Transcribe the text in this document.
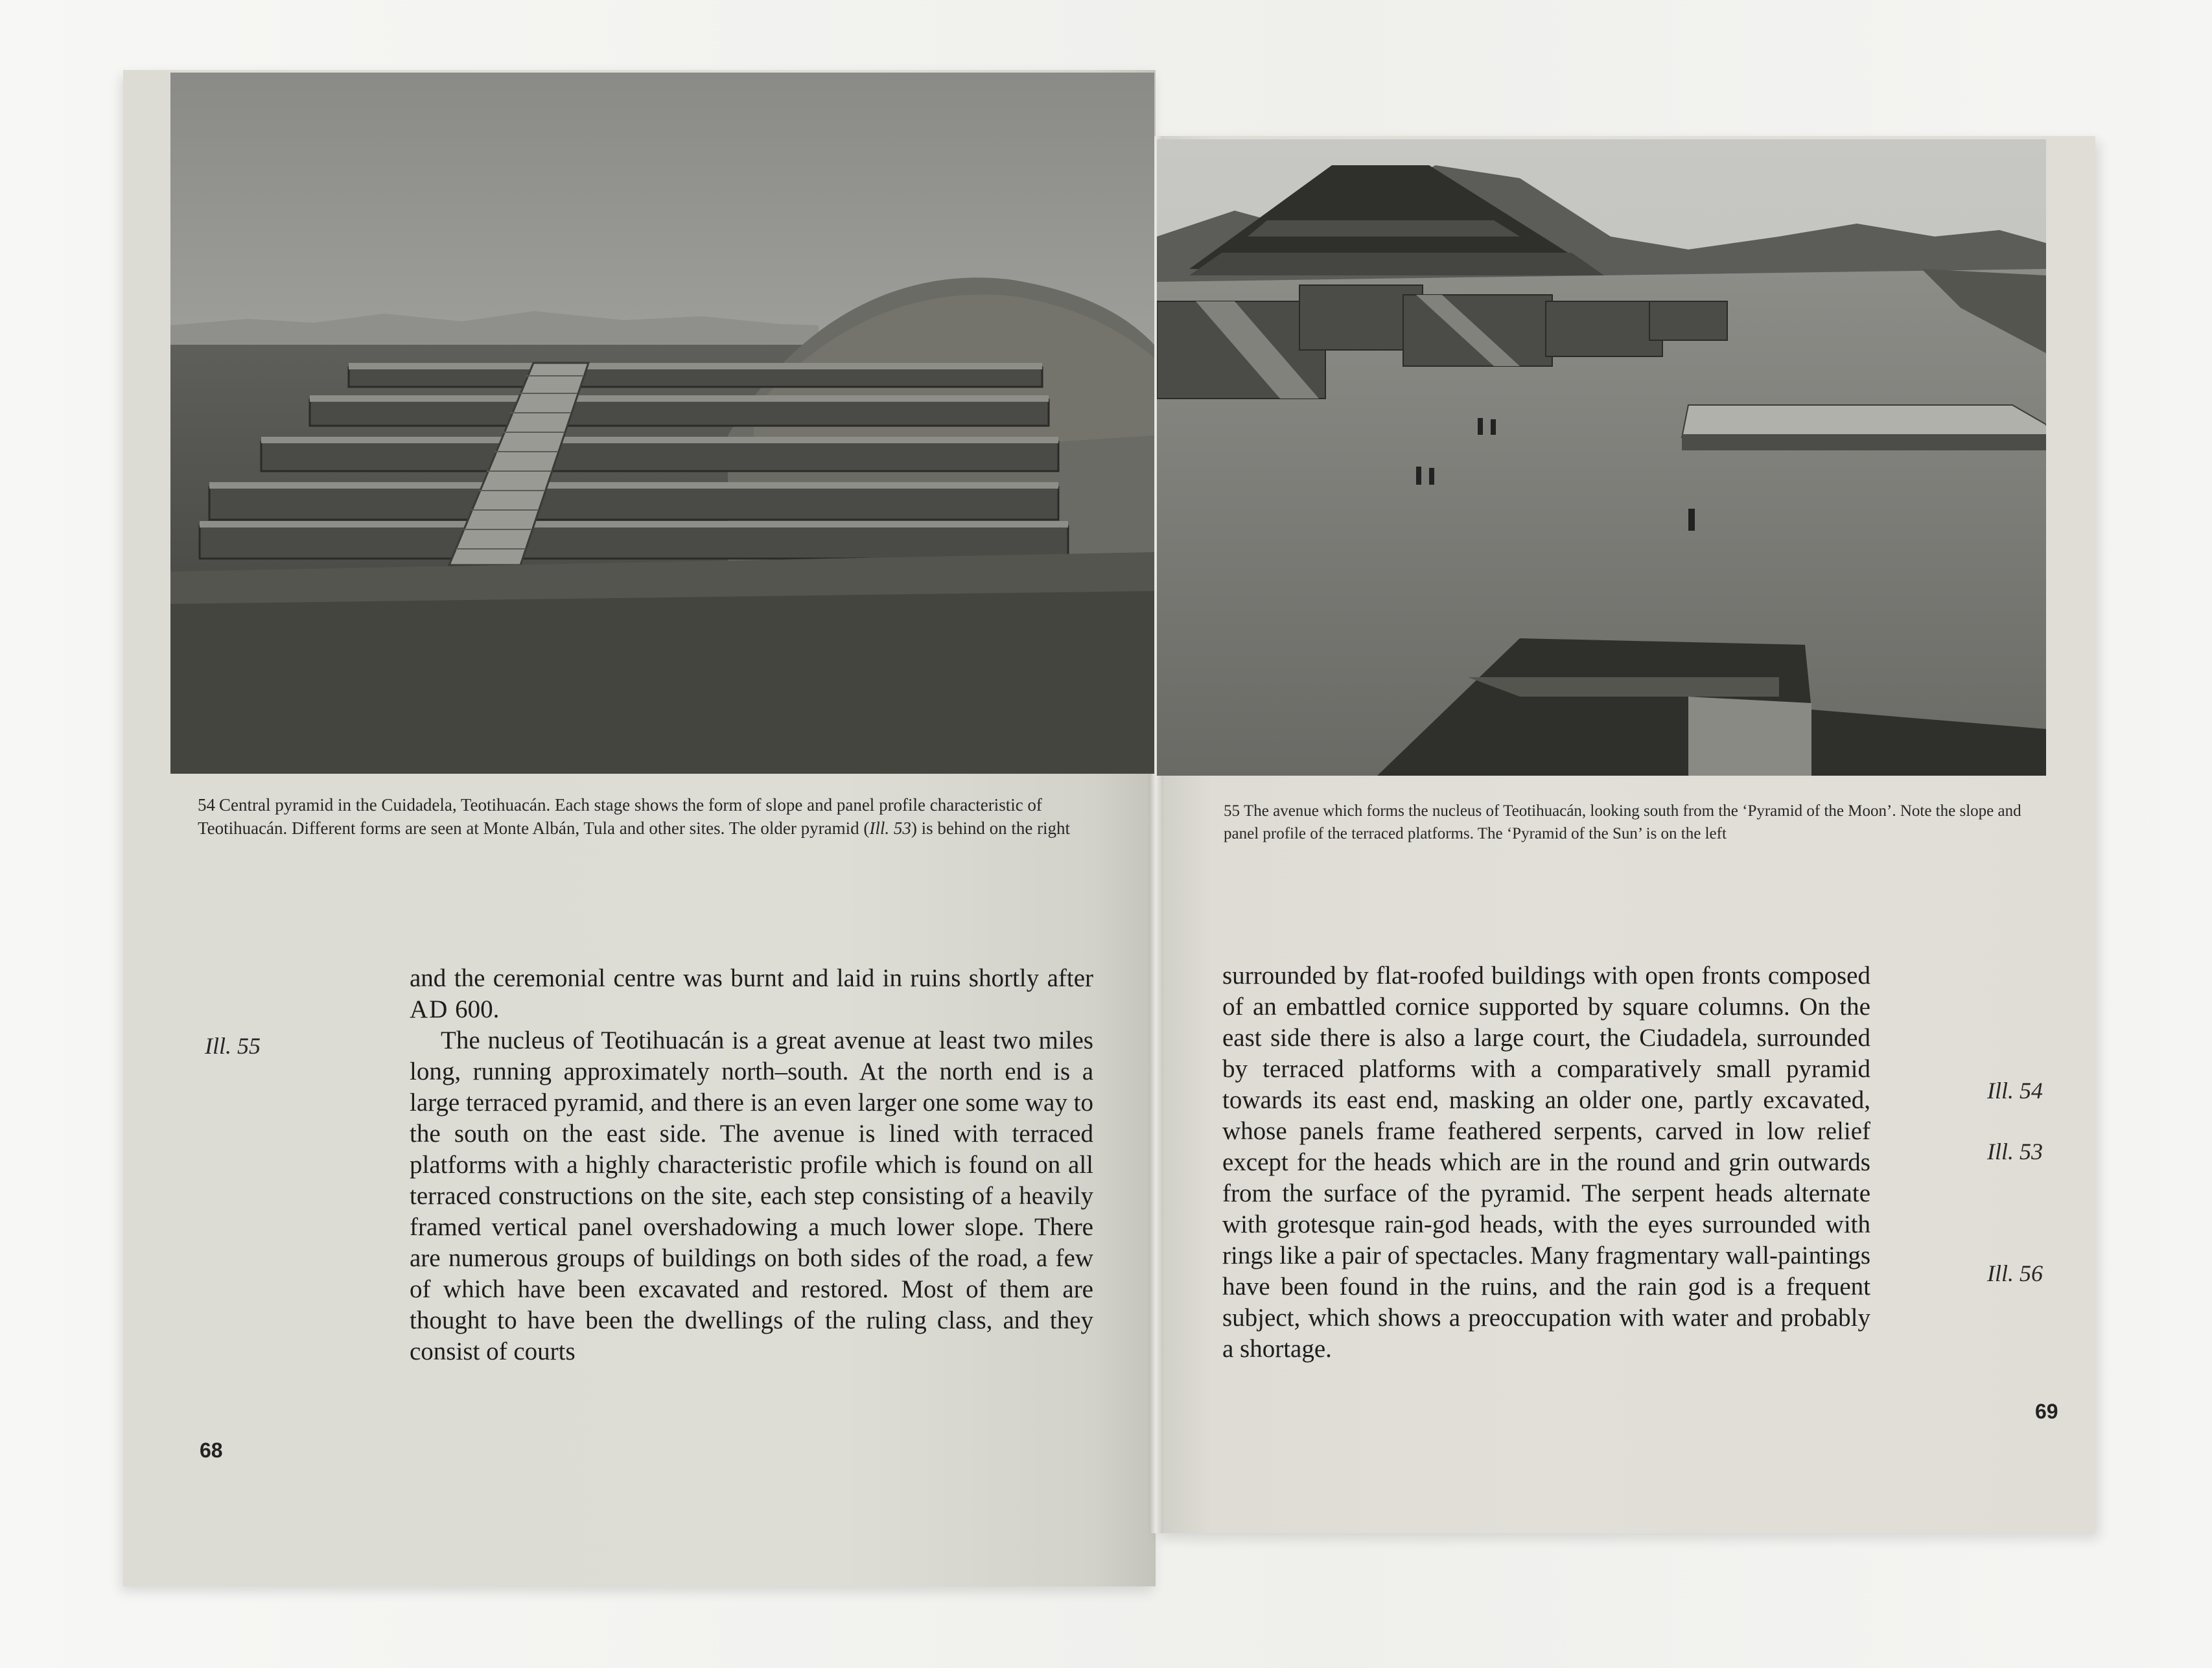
54 Central pyramid in the Cuidadela, Teotihuacán. Each stage shows the form of slope and panel profile characteristic of Teotihuacán. Different forms are seen at Monte Albán, Tula and other sites. The older pyramid (Ill. 53) is behind on the right
55 The avenue which forms the nucleus of Teotihuacán, looking south from the ‘Pyramid of the Moon’. Note the slope and panel profile of the terraced platforms. The ‘Pyramid of the Sun’ is on the left
Ill. 55
Ill. 54
Ill. 53
Ill. 56

and the ceremonial centre was burnt and laid in ruins shortly after AD 600.

The nucleus of Teotihuacán is a great avenue at least two miles long, running approximately north–south. At the north end is a large terraced pyramid, and there is an even larger one some way to the south on the east side. The avenue is lined with terraced platforms with a highly characteristic profile which is found on all terraced constructions on the site, each step consisting of a heavily framed vertical panel overshadowing a much lower slope. There are numerous groups of buildings on both sides of the road, a few of which have been excavated and restored. Most of them are thought to have been the dwellings of the ruling class, and they consist of courts

surrounded by flat-roofed buildings with open fronts composed of an embattled cornice supported by square columns. On the east side there is also a large court, the Ciudadela, surrounded by terraced platforms with a comparatively small pyramid towards its east end, masking an older one, partly excavated, whose panels frame feathered serpents, carved in low relief except for the heads which are in the round and grin outwards from the surface of the pyramid. The serpent heads alternate with grotesque rain-god heads, with the eyes surrounded with rings like a pair of spectacles. Many fragmentary wall-paintings have been found in the ruins, and the rain god is a frequent subject, which shows a preoccupation with water and probably a shortage.

68
69
